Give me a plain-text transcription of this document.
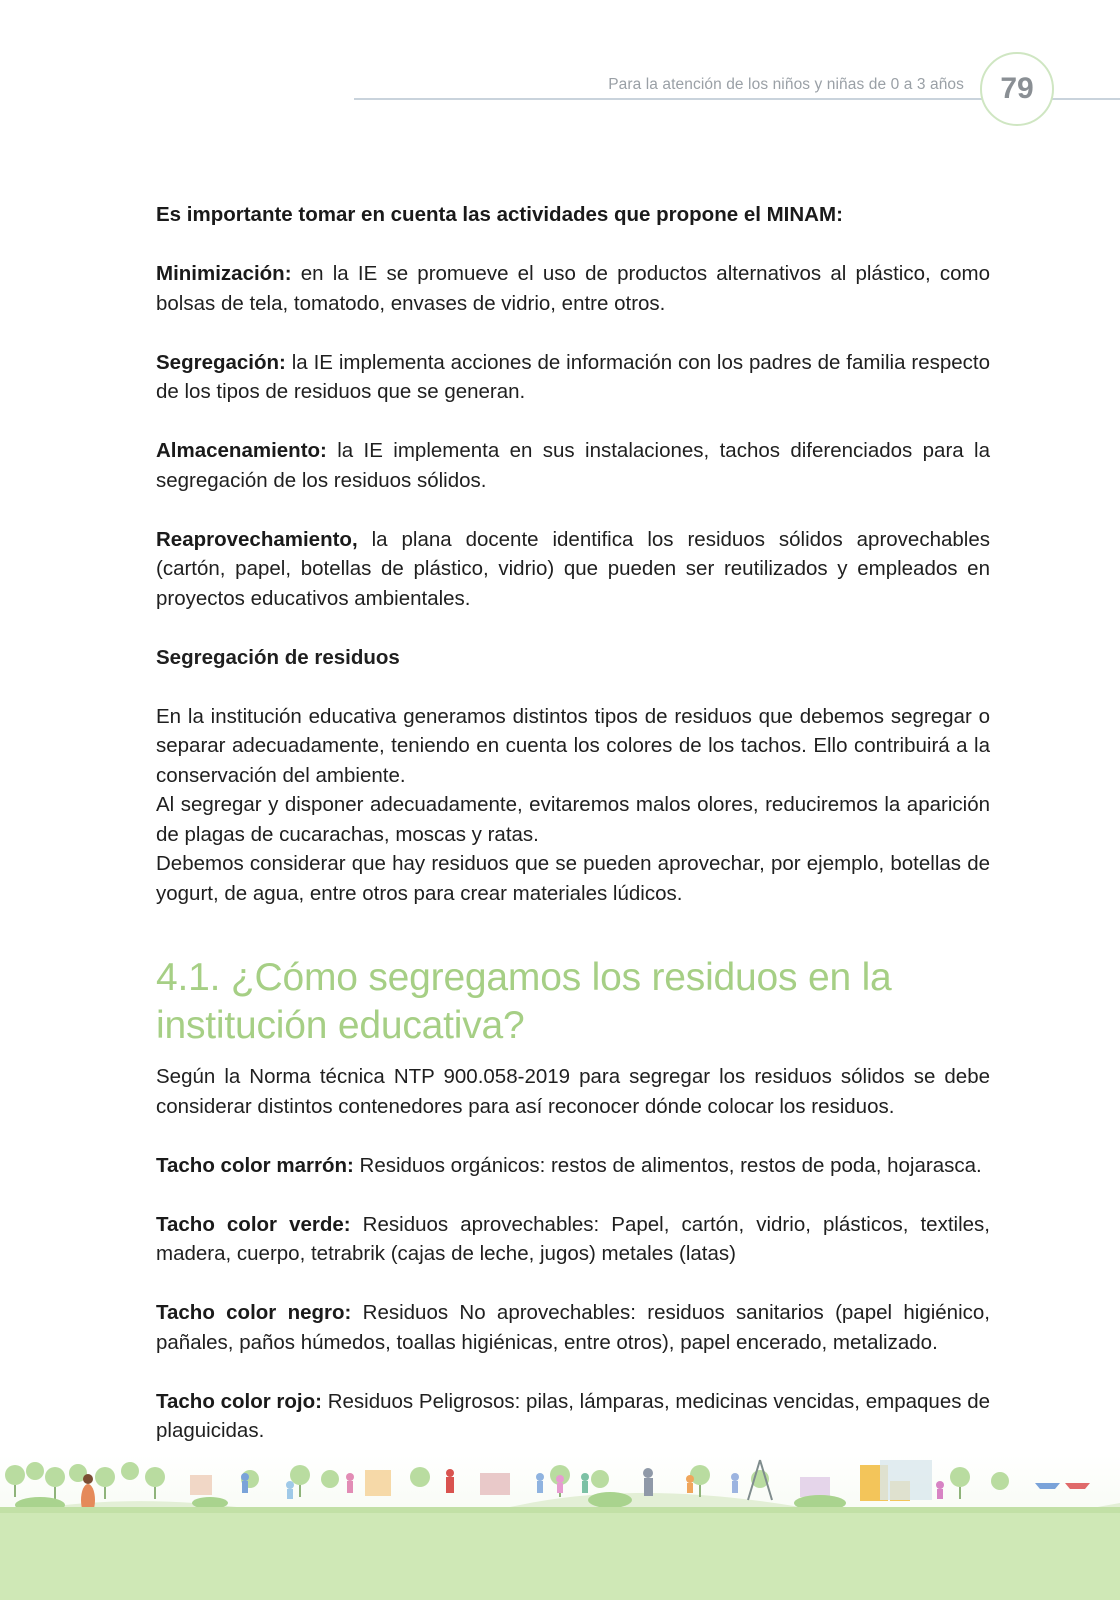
Para la atención de los niños y niñas de 0 a 3 años	79

Es importante tomar en cuenta las actividades que propone el MINAM:

Minimización: en la IE se promueve el uso de productos alternativos al plástico, como bolsas de tela, tomatodo, envases de vidrio, entre otros.

Segregación: la IE implementa acciones de información con los padres de familia respecto de los tipos de residuos que se generan.

Almacenamiento: la IE implementa en sus instalaciones, tachos diferenciados para la segregación de los residuos sólidos.

Reaprovechamiento, la plana docente identifica los residuos sólidos aprovechables (cartón, papel, botellas de plástico, vidrio) que pueden ser reutilizados y empleados en proyectos educativos ambientales.

Segregación de residuos

En la institución educativa generamos distintos tipos de residuos que debemos segregar o separar adecuadamente, teniendo en cuenta los colores de los tachos. Ello contribuirá a la conservación del ambiente.

Al segregar y disponer adecuadamente, evitaremos malos olores, reduciremos la aparición de plagas de cucarachas, moscas y ratas.

Debemos considerar que hay residuos que se pueden aprovechar, por ejemplo, botellas de yogurt, de agua, entre otros para crear materiales lúdicos.

4.1. ¿Cómo segregamos los residuos en la institución educativa?

Según la Norma técnica NTP 900.058-2019 para segregar los residuos sólidos se debe considerar distintos contenedores para así reconocer dónde colocar los residuos.

Tacho color marrón: Residuos orgánicos: restos de alimentos, restos de poda, hojarasca.

Tacho color verde: Residuos aprovechables: Papel, cartón, vidrio, plásticos, textiles, madera, cuerpo, tetrabrik (cajas de leche, jugos) metales (latas)

Tacho color negro: Residuos No aprovechables: residuos sanitarios (papel higiénico, pañales, paños húmedos, toallas higiénicas, entre otros), papel encerado, metalizado.

Tacho color rojo: Residuos Peligrosos: pilas, lámparas, medicinas vencidas, empaques de plaguicidas.
